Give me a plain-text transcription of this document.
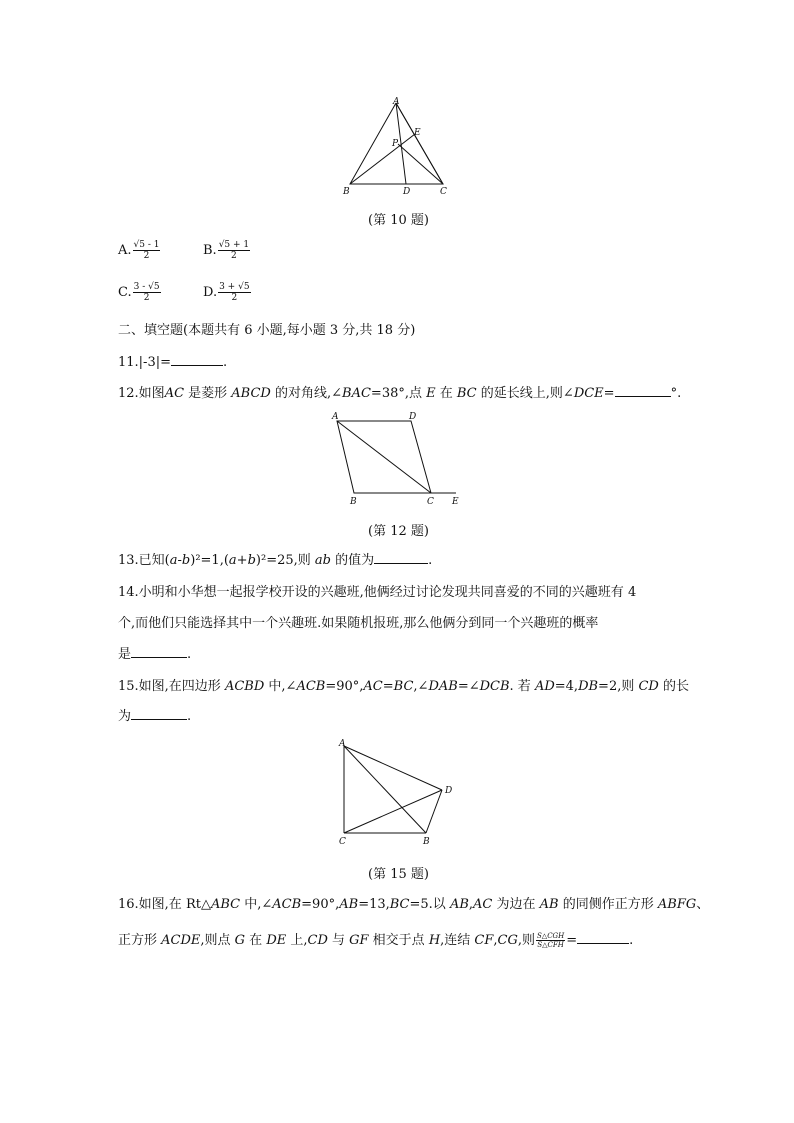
A
B	C
D
E
P
(第 10 题)
A. $\frac{√5 - 1}{2}$	B. $\frac{√5 + 1}{2}$
C. $\frac{3 - √5}{2}$	D. $\frac{3 + √5}{2}$
二、填空题(本题共有 6 小题,每小题 3 分,共 18 分)
11.|-3|=	.
12.如图AC 是菱形 ABCD 的对角线,∠BAC=38°,点 E 在 BC 的延长线上,则∠DCE=	°.
A	D
B	C E
(第 12 题)
13.已知(a-b)²=1,(a+b)²=25,则 ab 的值为	.
14.小明和小华想一起报学校开设的兴趣班,他俩经过讨论发现共同喜爱的不同的兴趣班有 4
个,而他们只能选择其中一个兴趣班.如果随机报班,那么他俩分到同一个兴趣班的概率
是	.
15.如图,在四边形 ACBD 中,∠ACB=90°,AC=BC,∠DAB=∠DCB. 若 AD=4,DB=2,则 CD 的长
为	.
A
C	B
D
(第 15 题)
16.如图,在 Rt△ABC 中,∠ACB=90°,AB=13,BC=5.以 AB,AC 为边在 AB 的同侧作正方形 ABFG、
正方形 ACDE,则点 G 在 DE 上,CD 与 GF 相交于点 H,连结 CF,CG,则 $\frac{\text{S△CGH}}{\text{S△CFH}}$ =	.
